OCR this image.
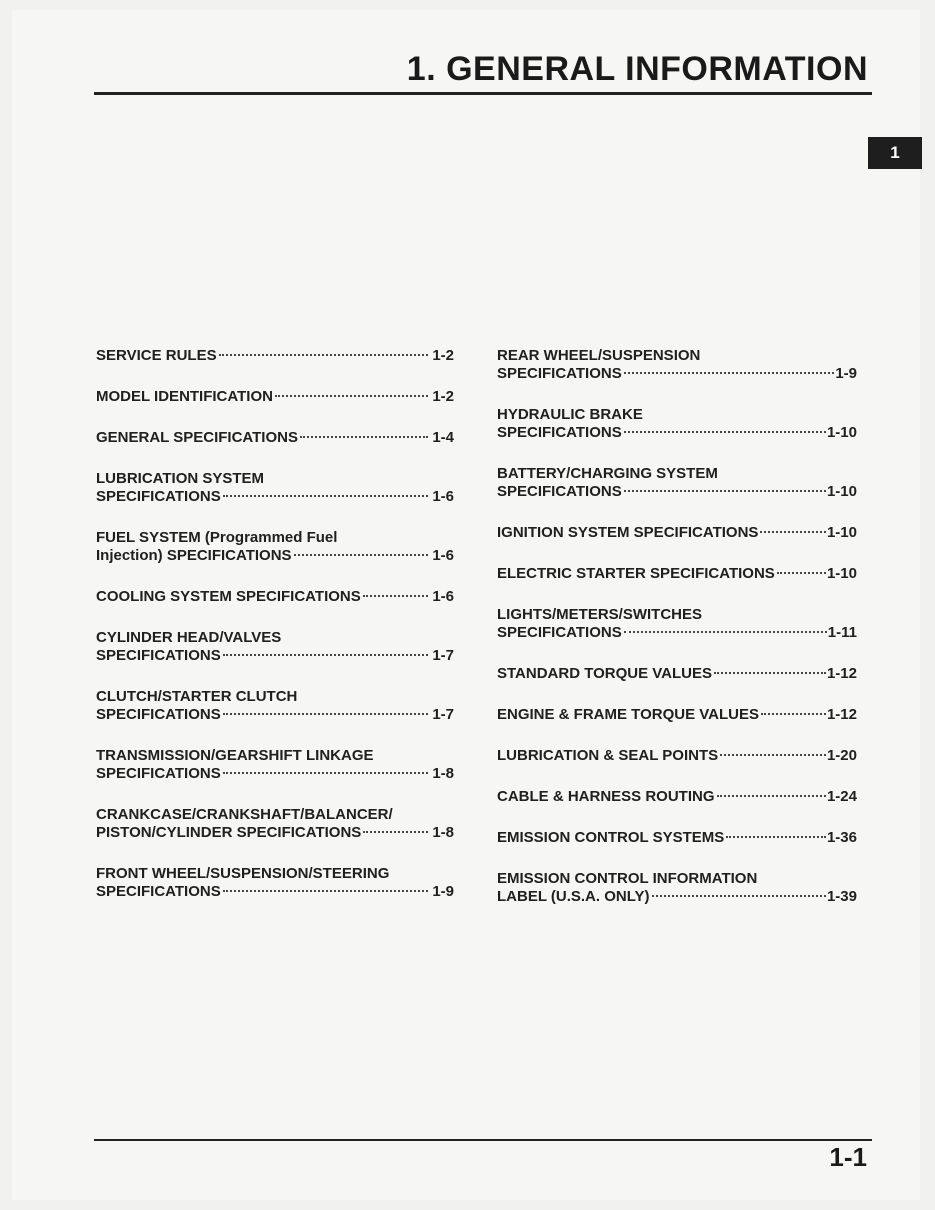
1. GENERAL INFORMATION
1
SERVICE RULES	1-2
MODEL IDENTIFICATION	1-2
GENERAL SPECIFICATIONS	1-4
LUBRICATION SYSTEM
SPECIFICATIONS	1-6
FUEL SYSTEM (Programmed Fuel
Injection) SPECIFICATIONS	1-6
COOLING SYSTEM SPECIFICATIONS	1-6
CYLINDER HEAD/VALVES
SPECIFICATIONS	1-7
CLUTCH/STARTER CLUTCH
SPECIFICATIONS	1-7
TRANSMISSION/GEARSHIFT LINKAGE
SPECIFICATIONS	1-8
CRANKCASE/CRANKSHAFT/BALANCER/
PISTON/CYLINDER SPECIFICATIONS	1-8
FRONT WHEEL/SUSPENSION/STEERING
SPECIFICATIONS	1-9
REAR WHEEL/SUSPENSION
SPECIFICATIONS	1-9
HYDRAULIC BRAKE
SPECIFICATIONS	1-10
BATTERY/CHARGING SYSTEM
SPECIFICATIONS	1-10
IGNITION SYSTEM SPECIFICATIONS	1-10
ELECTRIC STARTER SPECIFICATIONS	1-10
LIGHTS/METERS/SWITCHES
SPECIFICATIONS	1-11
STANDARD TORQUE VALUES	1-12
ENGINE & FRAME TORQUE VALUES	1-12
LUBRICATION & SEAL POINTS	1-20
CABLE & HARNESS ROUTING	1-24
EMISSION CONTROL SYSTEMS	1-36
EMISSION CONTROL INFORMATION
LABEL (U.S.A. ONLY)	1-39
1-1
